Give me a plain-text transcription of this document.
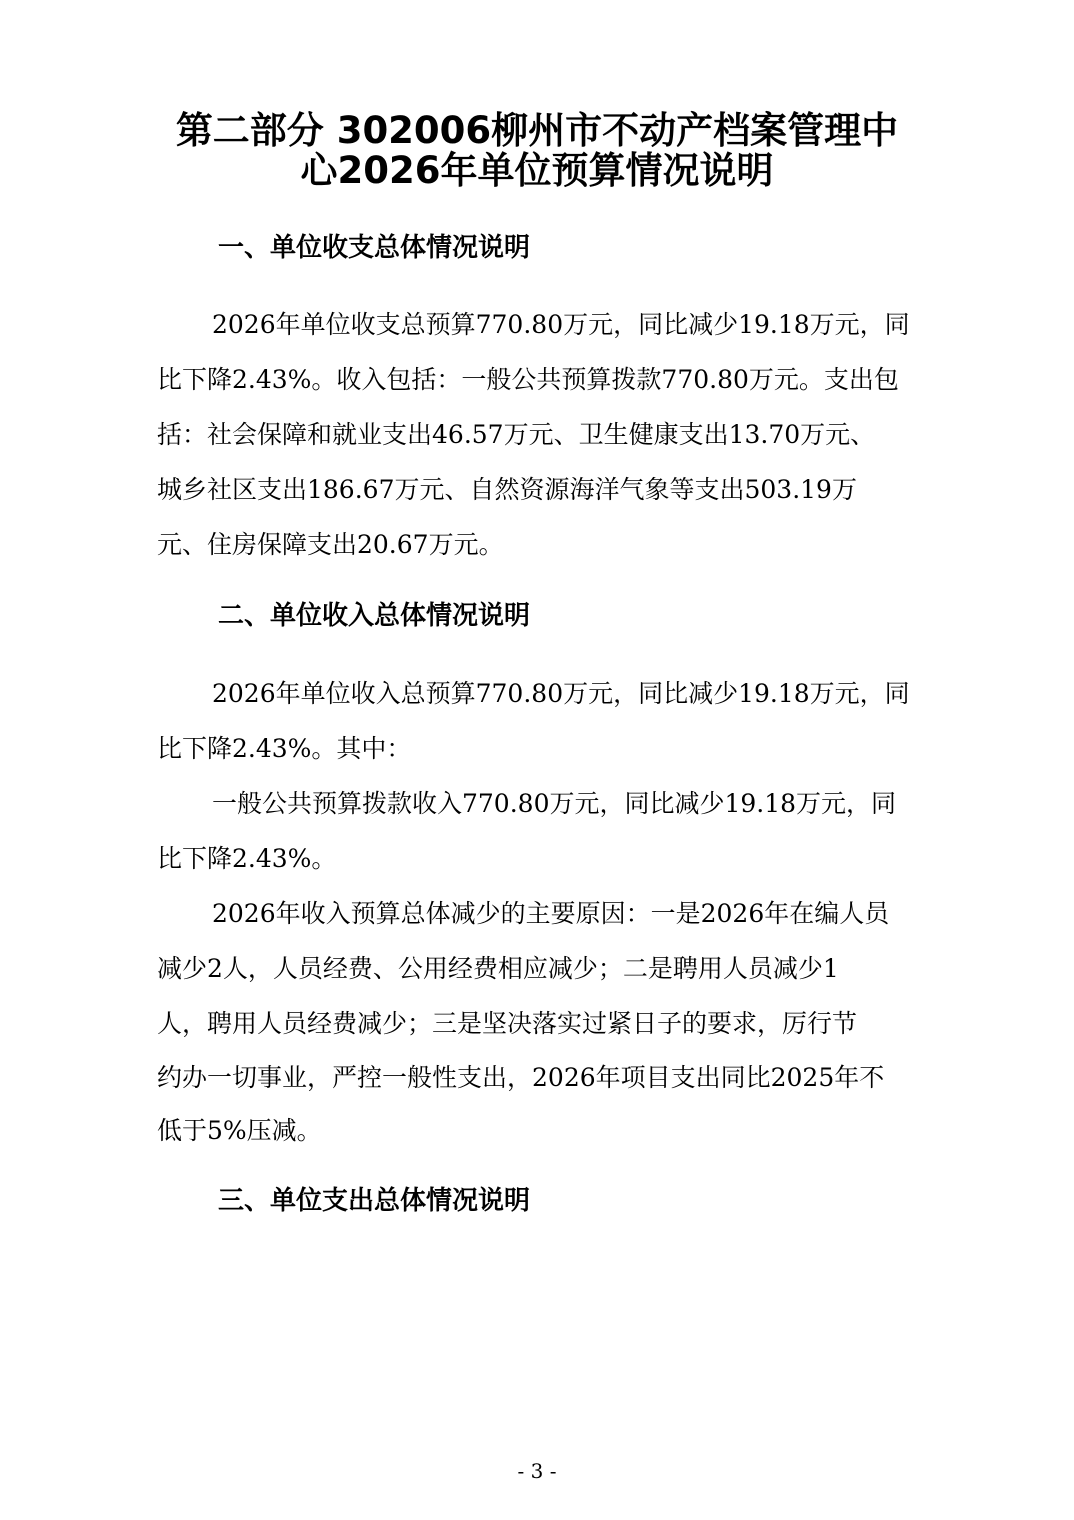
第二部分 302006柳州市不动产档案管理中
心2026年单位预算情况说明
一、单位收支总体情况说明
2026年单位收支总预算770.80万元，同比减少19.18万元，同
比下降2.43%。收入包括：一般公共预算拨款770.80万元。支出包
括：社会保障和就业支出46.57万元、卫生健康支出13.70万元、
城乡社区支出186.67万元、自然资源海洋气象等支出503.19万
元、住房保障支出20.67万元。
二、单位收入总体情况说明
2026年单位收入总预算770.80万元，同比减少19.18万元，同
比下降2.43%。其中：
一般公共预算拨款收入770.80万元，同比减少19.18万元，同
比下降2.43%。
2026年收入预算总体减少的主要原因：一是2026年在编人员
减少2人，人员经费、公用经费相应减少；二是聘用人员减少1
人，聘用人员经费减少；三是坚决落实过紧日子的要求，厉行节
约办一切事业，严控一般性支出，2026年项目支出同比2025年不
低于5%压减。
三、单位支出总体情况说明
- 3 -
